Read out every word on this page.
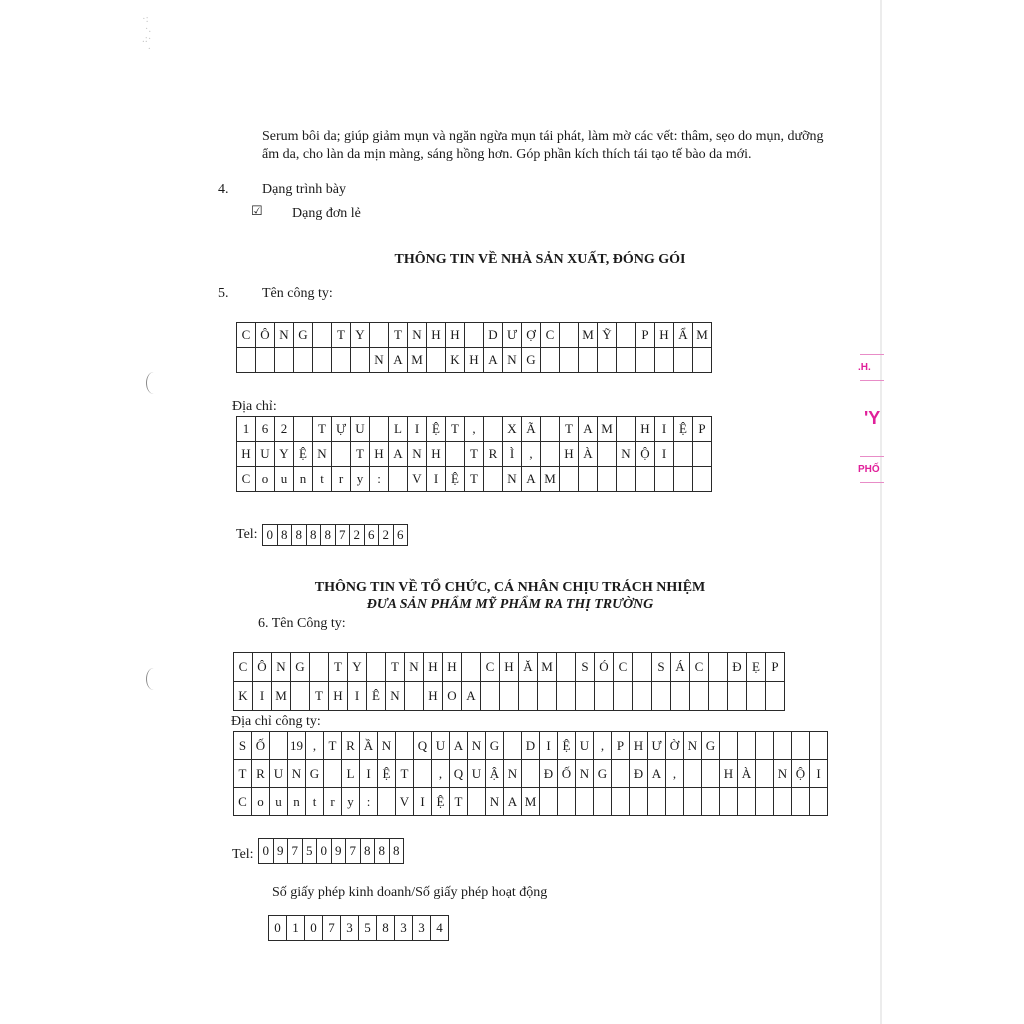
·:
·.
.:·
·
Serum bôi da; giúp giảm mụn và ngăn ngừa mụn tái phát, làm mờ các vết: thâm, sẹo do mụn, dưỡng ẩm da, cho làn da mịn màng, sáng hồng hơn. Góp phần kích thích tái tạo tế bào da mới.
4. Dạng trình bày
☑ Dạng đơn lẻ
THÔNG TIN VỀ NHÀ SẢN XUẤT, ĐÓNG GÓI
5. Tên công ty:
C	Ô	N	G		T	Y		T	N	H	H		D	Ư	Ợ	C		M	Ỹ		P	H	Ẩ	M
							N	A	M		K	H	A	N	G									
Địa chỉ:
1	6	2		T	Ự	U		L	I	Ệ	T	,		X	Ã		T	A	M		H	I	Ệ	P
H	U	Y	Ệ	N		T	H	A	N	H		T	R	Ì	,		H	À		N	Ộ	I		
C	o	u	n	t	r	y	:		V	I	Ệ	T		N	A	M								
Tel: 0	8	8	8	8	7	2	6	2	6
THÔNG TIN VỀ TỔ CHỨC, CÁ NHÂN CHỊU TRÁCH NHIỆM
ĐƯA SẢN PHẨM MỸ PHẨM RA THỊ TRƯỜNG
6. Tên Công ty:
C	Ô	N	G		T	Y		T	N	H	H		C	H	Ă	M		S	Ó	C		S	Á	C		Đ	Ẹ	P
K	I	M		T	H	I	Ê	N		H	O	A																
Địa chỉ công ty:
S	Ố		19	,	T	R	Ầ	N		Q	U	A	N	G		D	I	Ệ	U	,	P	H	Ư	Ờ	N	G						
T	R	U	N	G		L	I	Ệ	T		,	Q	U	Ậ	N		Đ	Ố	N	G		Đ	A	,			H	À		N	Ộ	I
C	o	u	n	t	r	y	:		V	I	Ệ	T		N	A	M																
Tel: 0	9	7	5	0	9	7	8	8	8
Số giấy phép kinh doanh/Số giấy phép hoạt động
0	1	0	7	3	5	8	3	3	4
.H.
'Y
PHỐ
